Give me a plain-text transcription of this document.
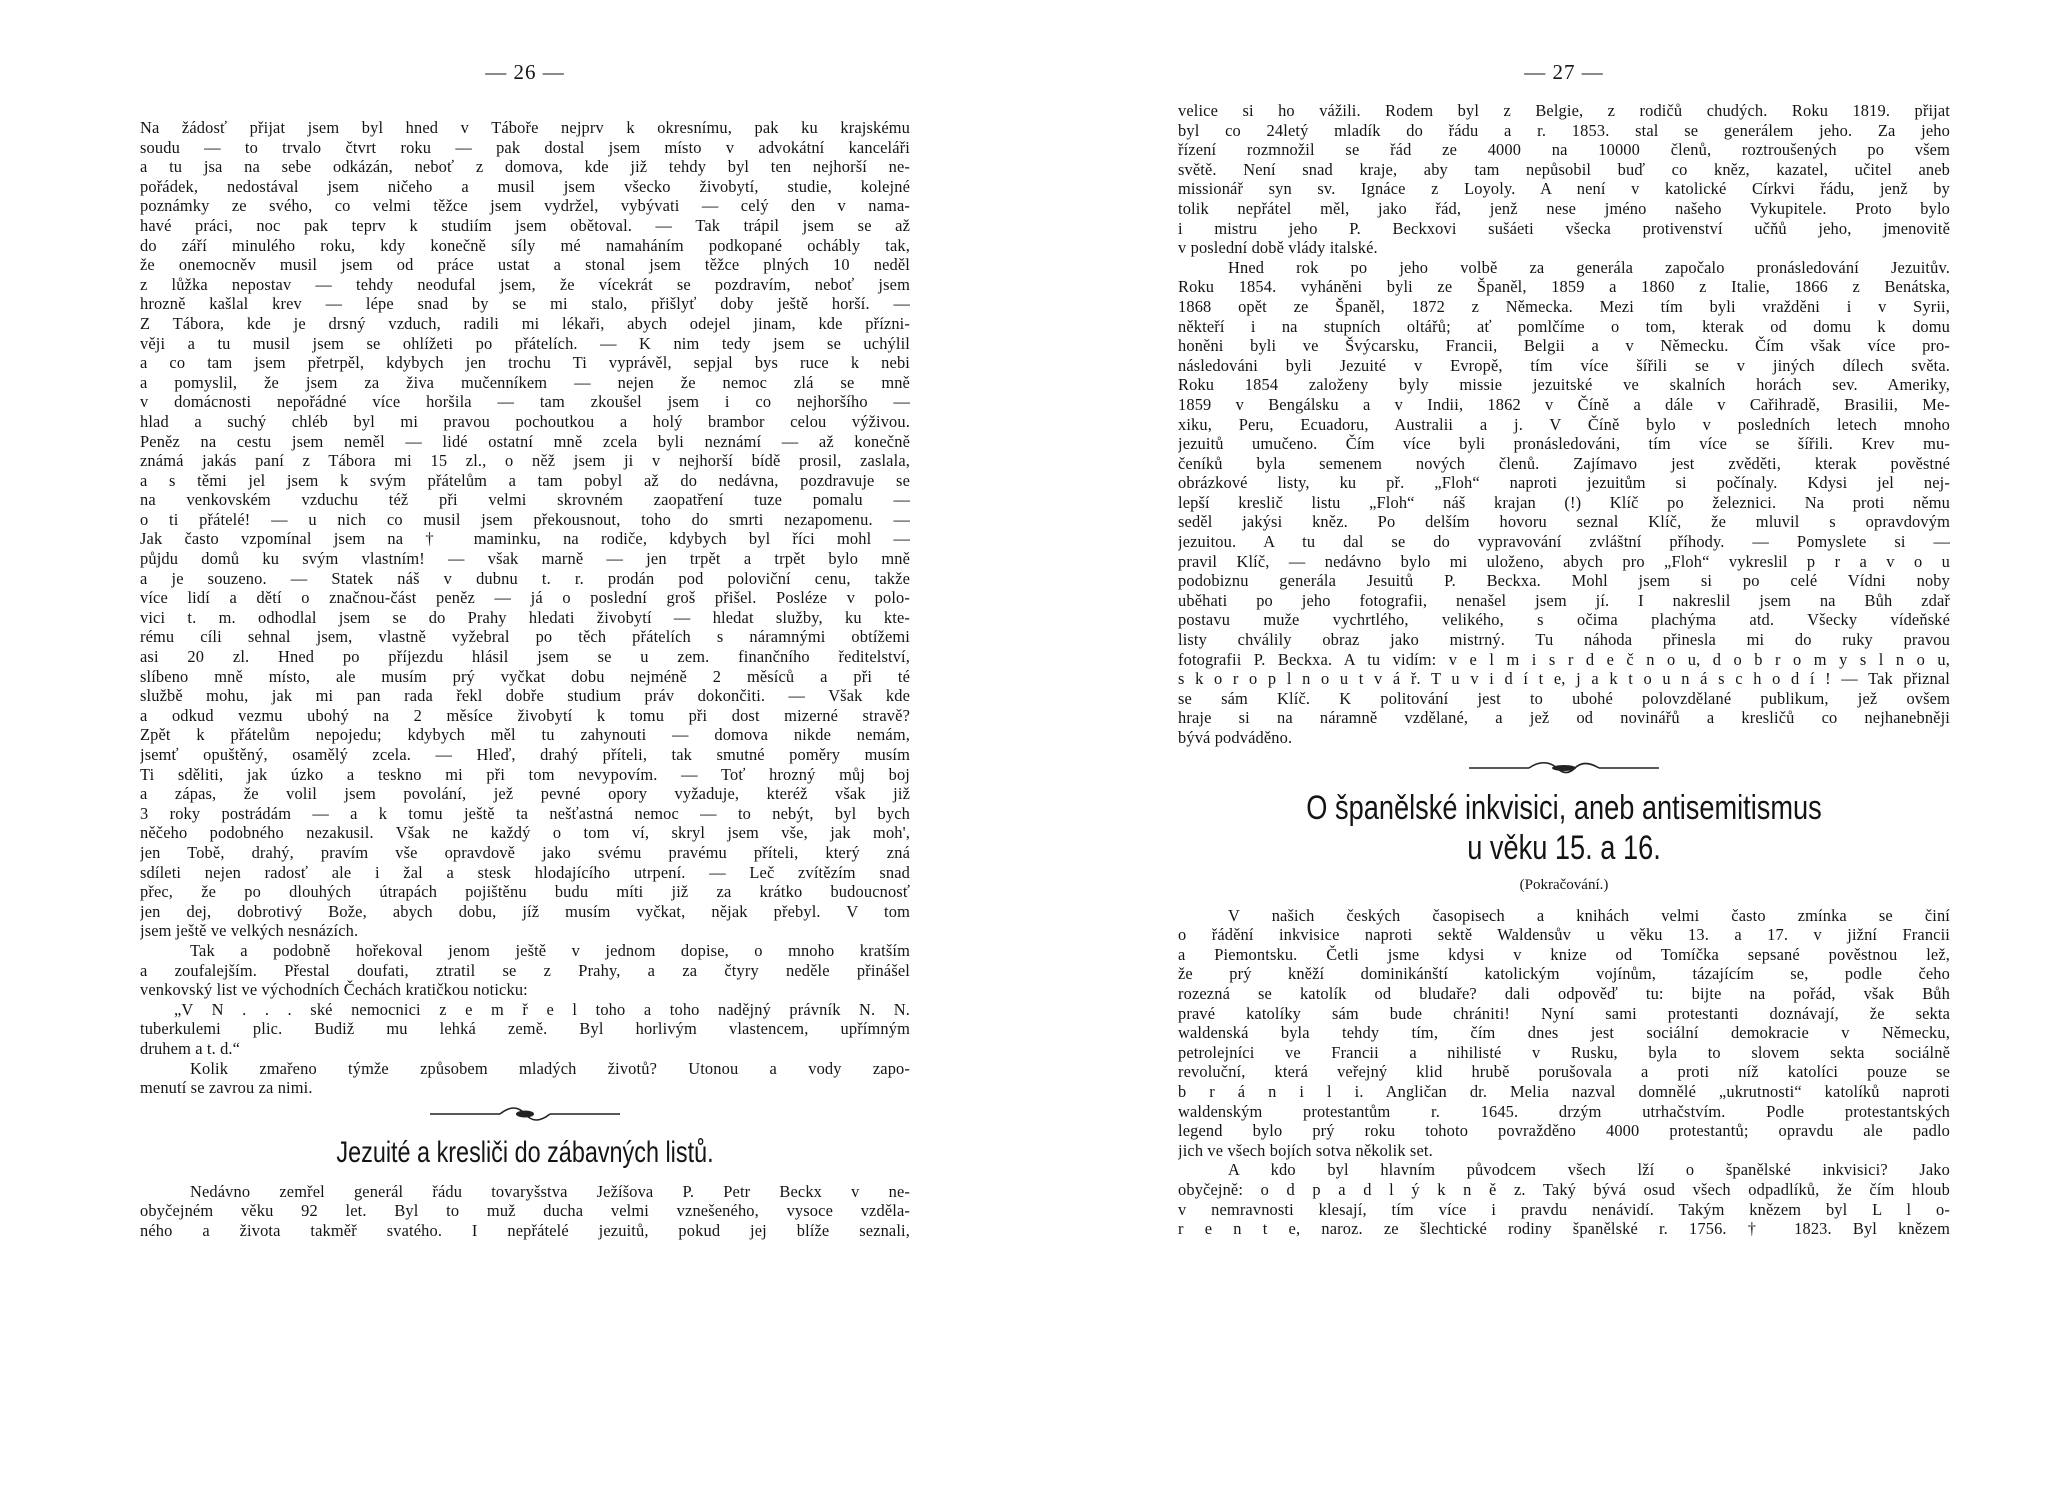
— 26 —
Na žádosť přijat jsem byl hned v Táboře nejprv k okresnímu, pak ku krajskému
soudu — to trvalo čtvrt roku — pak dostal jsem místo v advokátní kanceláři
a tu jsa na sebe odkázán, neboť z domova, kde již tehdy byl ten nejhorší ne-
pořádek, nedostával jsem ničeho a musil jsem všecko živobytí, studie, kolejné
poznámky ze svého, co velmi těžce jsem vydržel, vybývati — celý den v nama-
havé práci, noc pak teprv k studiím jsem obětoval. — Tak trápil jsem se až
do září minulého roku, kdy konečně síly mé namaháním podkopané ochábly tak,
že onemocněv musil jsem od práce ustat a stonal jsem těžce plných 10 neděl
z lůžka nepostav — tehdy neodufal jsem, že vícekrát se pozdravím, neboť jsem
hrozně kašlal krev — lépe snad by se mi stalo, přišlyť doby ještě horší. —
Z Tábora, kde je drsný vzduch, radili mi lékaři, abych odejel jinam, kde přízni-
věji a tu musil jsem se ohlížeti po přátelích. — K nim tedy jsem se uchýlil
a co tam jsem přetrpěl, kdybych jen trochu Ti vyprávěl, sepjal bys ruce k nebi
a pomyslil, že jsem za živa mučenníkem — nejen že nemoc zlá se mně
v domácnosti nepořádné více horšila — tam zkoušel jsem i co nejhoršího —
hlad a suchý chléb byl mi pravou pochoutkou a holý brambor celou výživou.
Peněz na cestu jsem neměl — lidé ostatní mně zcela byli neznámí — až konečně
známá jakás paní z Tábora mi 15 zl., o něž jsem ji v nejhorší bídě prosil, zaslala,
a s těmi jel jsem k svým přátelům a tam pobyl až do nedávna, pozdravuje se
na venkovském vzduchu též při velmi skrovném zaopatření tuze pomalu —
o ti přátelé! — u nich co musil jsem překousnout, toho do smrti nezapomenu. —
Jak často vzpomínal jsem na † maminku, na rodiče, kdybych byl říci mohl —
půjdu domů ku svým vlastním! — však marně — jen trpět a trpět bylo mně
a je souzeno. — Statek náš v dubnu t. r. prodán pod poloviční cenu, takže
více lidí a dětí o značnou-část peněz — já o poslední groš přišel. Posléze v polo-
vici t. m. odhodlal jsem se do Prahy hledati živobytí — hledat služby, ku kte-
rému cíli sehnal jsem, vlastně vyžebral po těch přátelích s náramnými obtížemi
asi 20 zl. Hned po příjezdu hlásil jsem se u zem. finančního ředitelství,
slíbeno mně místo, ale musím prý vyčkat dobu nejméně 2 měsíců a při té
službě mohu, jak mi pan rada řekl dobře studium práv dokončiti. — Však kde
a odkud vezmu ubohý na 2 měsíce živobytí k tomu při dost mizerné stravě?
Zpět k přátelům nepojedu; kdybych měl tu zahynouti — domova nikde nemám,
jsemť opuštěný, osamělý zcela. — Hleď, drahý příteli, tak smutné poměry musím
Ti sděliti, jak úzko a teskno mi při tom nevypovím. — Toť hrozný můj boj
a zápas, že volil jsem povolání, jež pevné opory vyžaduje, kteréž však již
3 roky postrádám — a k tomu ještě ta nešťastná nemoc — to nebýt, byl bych
něčeho podobného nezakusil. Však ne každý o tom ví, skryl jsem vše, jak moh',
jen Tobě, drahý, pravím vše opravdově jako svému pravému příteli, který zná
sdíleti nejen radosť ale i žal a stesk hlodajícího utrpení. — Leč zvítězím snad
přec, že po dlouhých útrapách pojištěnu budu míti již za krátko budoucnosť
jen dej, dobrotivý Bože, abych dobu, jíž musím vyčkat, nějak přebyl. V tom
jsem ještě ve velkých nesnázích.
Tak a podobně hořekoval jenom ještě v jednom dopise, o mnoho kratším
a zoufalejším. Přestal doufati, ztratil se z Prahy, a za čtyry neděle přinášel
venkovský list ve východních Čechách kratičkou noticku:
„V N . . . ské nemocnici z e m ř e l toho a toho nadějný právník N. N.
tuberkulemi plic. Budiž mu lehká země. Byl horlivým vlastencem, upřímným
druhem a t. d.“
Kolik zmařeno týmže způsobem mladých životů? Utonou a vody zapo-
menutí se zavrou za nimi.
Jezuité a kresliči do zábavných listů.
Nedávno zemřel generál řádu tovaryšstva Ježíšova P. Petr Beckx v ne-
obyčejném věku 92 let. Byl to muž ducha velmi vznešeného, vysoce vzděla-
ného a života takměř svatého. I nepřátelé jezuitů, pokud jej blíže seznali,
— 27 —
velice si ho vážili. Rodem byl z Belgie, z rodičů chudých. Roku 1819. přijat
byl co 24letý mladík do řádu a r. 1853. stal se generálem jeho. Za jeho
řízení rozmnožil se řád ze 4000 na 10000 členů, roztroušených po všem
světě. Není snad kraje, aby tam nepůsobil buď co kněz, kazatel, učitel aneb
missionář syn sv. Ignáce z Loyoly. A není v katolické Církvi řádu, jenž by
tolik nepřátel měl, jako řád, jenž nese jméno našeho Vykupitele. Proto bylo
i mistru jeho P. Beckxovi sušáeti všecka protivenství učňů jeho, jmenovitě
v poslední době vlády italské.
Hned rok po jeho volbě za generála započalo pronásledování Jezuitův.
Roku 1854. vyháněni byli ze Španěl, 1859 a 1860 z Italie, 1866 z Benátska,
1868 opět ze Španěl, 1872 z Německa. Mezi tím byli vražděni i v Syrii,
někteří i na stupních oltářů; ať pomlčíme o tom, kterak od domu k domu
honěni byli ve Švýcarsku, Francii, Belgii a v Německu. Čím však více pro-
následováni byli Jezuité v Evropě, tím více šířili se v jiných dílech světa.
Roku 1854 založeny byly missie jezuitské ve skalních horách sev. Ameriky,
1859 v Bengálsku a v Indii, 1862 v Číně a dále v Cařihradě, Brasilii, Me-
xiku, Peru, Ecuadoru, Australii a j. V Číně bylo v posledních letech mnoho
jezuitů umučeno. Čím více byli pronásledováni, tím více se šířili. Krev mu-
čeníků byla semenem nových členů. Zajímavo jest zvěděti, kterak pověstné
obrázkové listy, ku př. „Floh“ naproti jezuitům si počínaly. Kdysi jel nej-
lepší kreslič listu „Floh“ náš krajan (!) Klíč po železnici. Na proti němu
seděl jakýsi kněz. Po delším hovoru seznal Klíč, že mluvil s opravdovým
jezuitou. A tu dal se do vypravování zvláštní příhody. — Pomyslete si —
pravil Klíč, — nedávno bylo mi uloženo, abych pro „Floh“ vykreslil p r a v o u
podobiznu generála Jesuitů P. Beckxa. Mohl jsem si po celé Vídni noby
uběhati po jeho fotografii, nenašel jsem jí. I nakreslil jsem na Bůh zdař
postavu muže vychrtlého, velikého, s očima plachýma atd. Všecky vídeňské
listy chválily obraz jako mistrný. Tu náhoda přinesla mi do ruky pravou
fotografii P. Beckxa. A tu vidím: v e l m i s r d e č n o u, d o b r o m y s l n o u,
s k o r o p l n o u t v á ř. T u v i d í t e, j a k t o u n á s c h o d í ! — Tak přiznal
se sám Klíč. K politování jest to ubohé polovzdělané publikum, jež ovšem
hraje si na náramně vzdělané, a jež od novinářů a kresličů co nejhanebněji
bývá podváděno.
O španělské inkvisici, aneb antisemitismus
u věku 15. a 16.
(Pokračování.)
V našich českých časopisech a knihách velmi často zmínka se činí
o řádění inkvisice naproti sektě Waldensův u věku 13. a 17. v jižní Francii
a Piemontsku. Četli jsme kdysi v knize od Tomíčka sepsané pověstnou lež,
že prý kněží dominikánští katolickým vojínům, tázajícím se, podle čeho
rozezná se katolík od bludaře? dali odpověď tu: bijte na pořád, však Bůh
pravé katolíky sám bude chrániti! Nyní sami protestanti doznávají, že sekta
waldenská byla tehdy tím, čím dnes jest sociální demokracie v Německu,
petrolejníci ve Francii a nihilisté v Rusku, byla to slovem sekta sociálně
revoluční, která veřejný klid hrubě porušovala a proti níž katolíci pouze se
b r á n i l i. Angličan dr. Melia nazval domnělé „ukrutnosti“ katolíků naproti
waldenským protestantům r. 1645. drzým utrhačstvím. Podle protestantských
legend bylo prý roku tohoto povražděno 4000 protestantů; opravdu ale padlo
jich ve všech bojích sotva několik set.
A kdo byl hlavním původcem všech lží o španělské inkvisici? Jako
obyčejně: o d p a d l ý k n ě z. Taký bývá osud všech odpadlíků, že čím hloub
v nemravnosti klesají, tím více i pravdu nenávidí. Takým knězem byl L l o-
r e n t e, naroz. ze šlechtické rodiny španělské r. 1756. † 1823. Byl knězem
